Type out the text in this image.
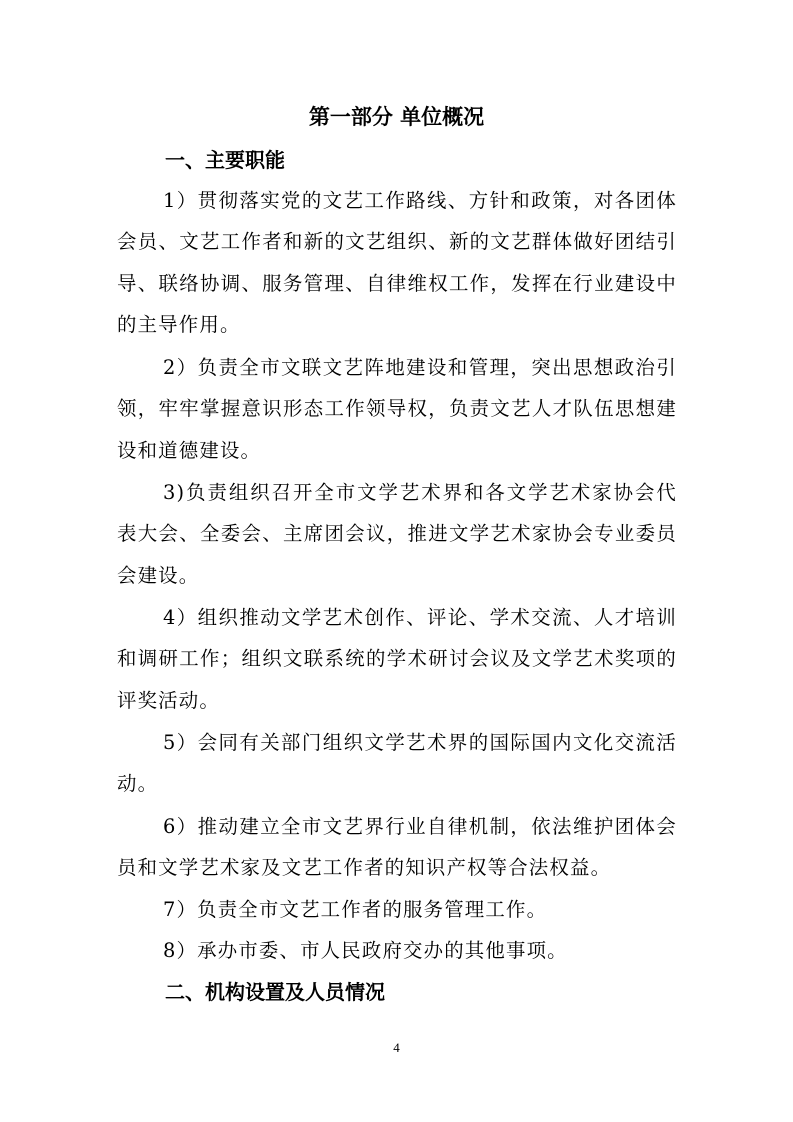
第一部分 单位概况
一、主要职能
1）贯彻落实党的文艺工作路线、方针和政策，对各团体会员、文艺工作者和新的文艺组织、新的文艺群体做好团结引导、联络协调、服务管理、自律维权工作，发挥在行业建设中的主导作用。
2）负责全市文联文艺阵地建设和管理，突出思想政治引领，牢牢掌握意识形态工作领导权，负责文艺人才队伍思想建设和道德建设。
3)负责组织召开全市文学艺术界和各文学艺术家协会代表大会、全委会、主席团会议，推进文学艺术家协会专业委员会建设。
4）组织推动文学艺术创作、评论、学术交流、人才培训和调研工作；组织文联系统的学术研讨会议及文学艺术奖项的评奖活动。
5）会同有关部门组织文学艺术界的国际国内文化交流活动。
6）推动建立全市文艺界行业自律机制，依法维护团体会员和文学艺术家及文艺工作者的知识产权等合法权益。
7）负责全市文艺工作者的服务管理工作。
8）承办市委、市人民政府交办的其他事项。
二、机构设置及人员情况
4
